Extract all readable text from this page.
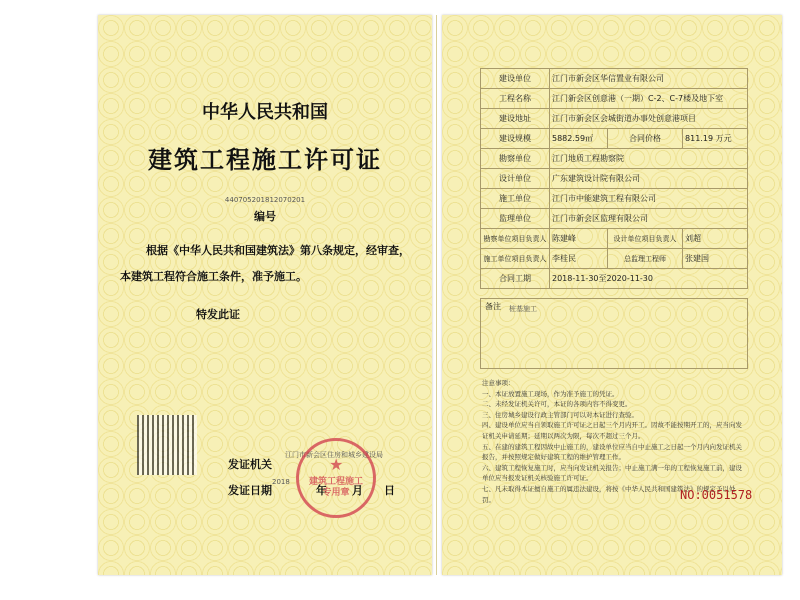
中华人民共和国
建筑工程施工许可证
440705201812070201
编号
根据《中华人民共和国建筑法》第八条规定，经审查，
本建筑工程符合施工条件，准予施工。
特发此证
发证机关
江门市新会区住房和城乡建设局
发证日期
2018
年 月 日
★
建筑工程施工专用章
建设单位	江门市新会区华信置业有限公司		
工程名称	江门新会区创意港（一期）C-2、C-7楼及地下室		
建设地址	江门市新会区会城街道办事处创意港项目		
建设规模	5882.59㎡	合同价格	811.19 万元
勘察单位	江门地质工程勘察院		
设计单位	广东建筑设计院有限公司		
施工单位	江门市中能建筑工程有限公司		
监理单位	江门市新会区监理有限公司		
勘察单位项目负责人	陈建峰	设计单位项目负责人	刘超
施工单位项目负责人	李桂民	总监理工程师	张建国
合同工期	2018-11-30至2020-11-30		
备注 桩基施工
注意事项：
一、本证放置施工现场，作为准予施工的凭证。
二、未经发证机关许可，本证的各项内容不得变更。
三、住房城乡建设行政主管部门可以对本证进行查验。
四、建设单位应当自领取施工许可证之日起三个月内开工。因故不能按期开工的，应当向发证机关申请延期；延期以两次为限，每次不超过三个月。
五、在建的建筑工程因故中止施工的，建设单位应当自中止施工之日起一个月内向发证机关报告，并按照规定做好建筑工程的维护管理工作。
六、建筑工程恢复施工时，应当向发证机关报告；中止施工满一年的工程恢复施工前，建设单位应当报发证机关核验施工许可证。
七、凡未取得本证擅自施工的属违法建设，将按《中华人民共和国建筑法》的规定予以处罚。	NO:0051578
